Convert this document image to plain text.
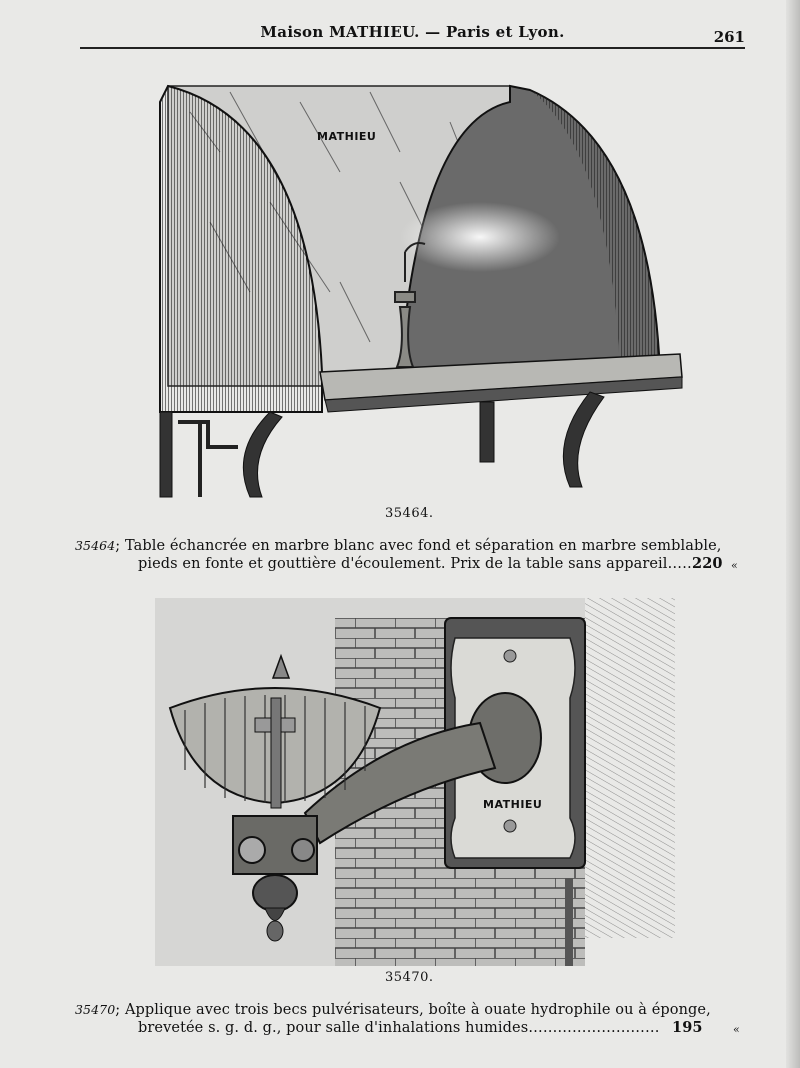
Maison MATHIEU. — Paris et Lyon.	261
MATHIEU
35464.
35464; Table échancrée en marbre blanc avec fond et séparation en marbre semblable,
pieds en fonte et gouttière d'écoulement. Prix de la table sans appareil……
220 «
MATHIEU
35470.
35470; Applique avec trois becs pulvérisateurs, boîte à ouate hydrophile ou à éponge,
brevetée s. g. d. g., pour salle d'inhalations humides……………………… 195	«
